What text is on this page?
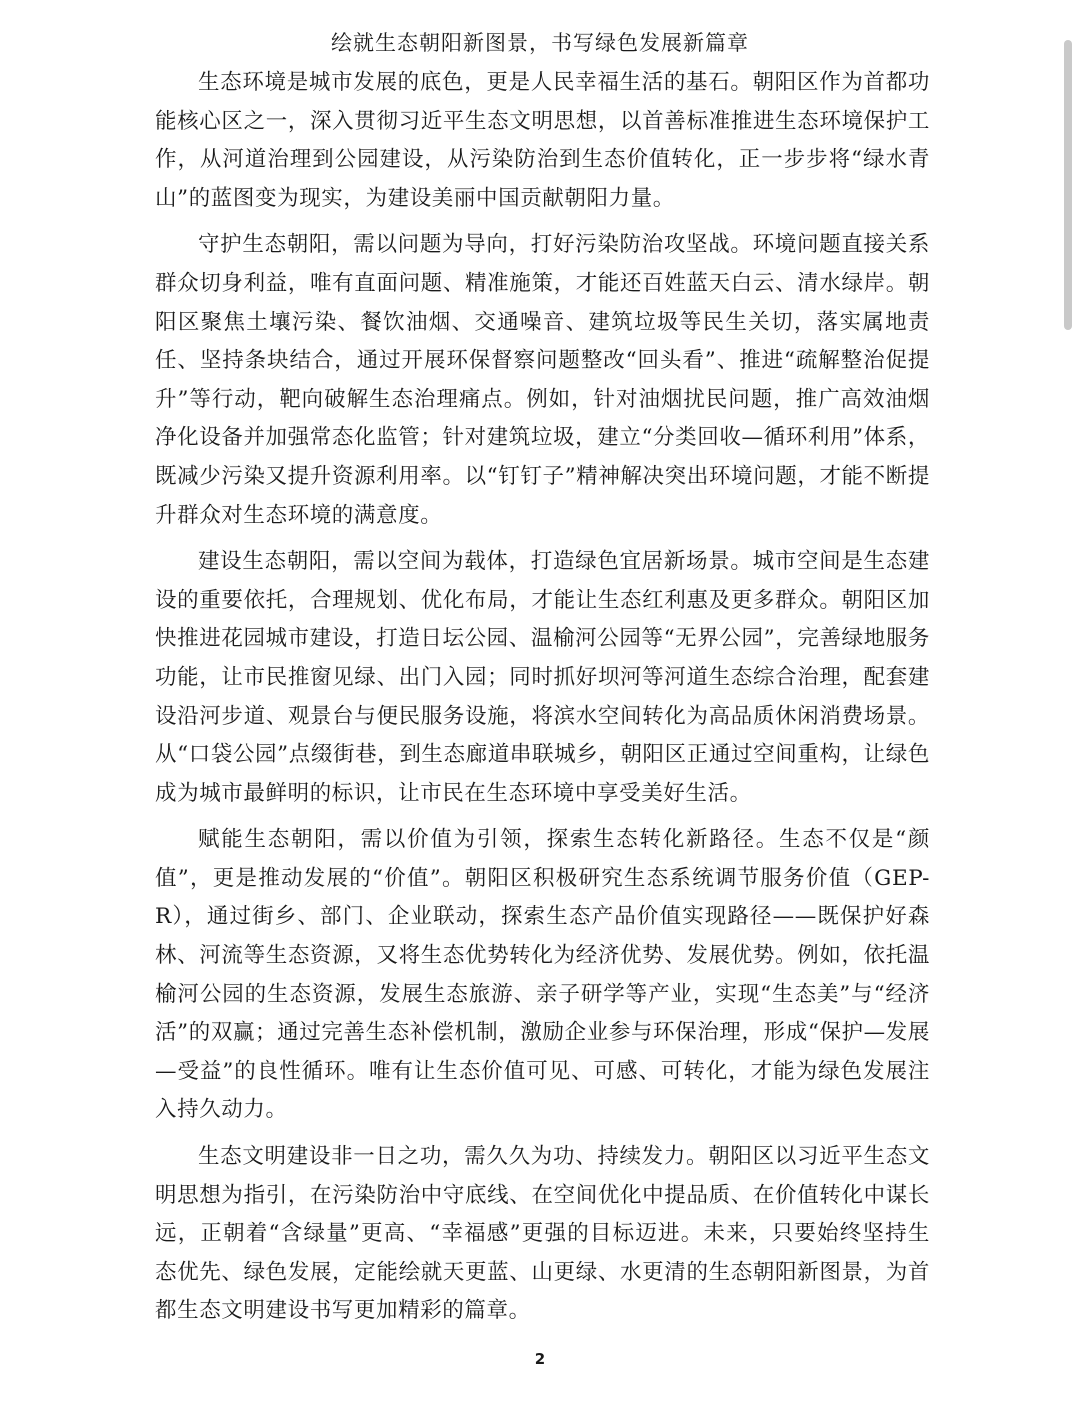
绘就生态朝阳新图景，书写绿色发展新篇章

生态环境是城市发展的底色，更是人民幸福生活的基石。朝阳区作为首都功能核心区之一，深入贯彻习近平生态文明思想，以首善标准推进生态环境保护工作，从河道治理到公园建设，从污染防治到生态价值转化，正一步步将“绿水青山”的蓝图变为现实，为建设美丽中国贡献朝阳力量。

守护生态朝阳，需以问题为导向，打好污染防治攻坚战。环境问题直接关系群众切身利益，唯有直面问题、精准施策，才能还百姓蓝天白云、清水绿岸。朝阳区聚焦土壤污染、餐饮油烟、交通噪音、建筑垃圾等民生关切，落实属地责任、坚持条块结合，通过开展环保督察问题整改“回头看”、推进“疏解整治促提升”等行动，靶向破解生态治理痛点。例如，针对油烟扰民问题，推广高效油烟净化设备并加强常态化监管；针对建筑垃圾，建立“分类回收—循环利用”体系，既减少污染又提升资源利用率。以“钉钉子”精神解决突出环境问题，才能不断提升群众对生态环境的满意度。

建设生态朝阳，需以空间为载体，打造绿色宜居新场景。城市空间是生态建设的重要依托，合理规划、优化布局，才能让生态红利惠及更多群众。朝阳区加快推进花园城市建设，打造日坛公园、温榆河公园等“无界公园”，完善绿地服务功能，让市民推窗见绿、出门入园；同时抓好坝河等河道生态综合治理，配套建设沿河步道、观景台与便民服务设施，将滨水空间转化为高品质休闲消费场景。从“口袋公园”点缀街巷，到生态廊道串联城乡，朝阳区正通过空间重构，让绿色成为城市最鲜明的标识，让市民在生态环境中享受美好生活。

赋能生态朝阳，需以价值为引领，探索生态转化新路径。生态不仅是“颜值”，更是推动发展的“价值”。朝阳区积极研究生态系统调节服务价值（GEP-R），通过街乡、部门、企业联动，探索生态产品价值实现路径——既保护好森林、河流等生态资源，又将生态优势转化为经济优势、发展优势。例如，依托温榆河公园的生态资源，发展生态旅游、亲子研学等产业，实现“生态美”与“经济活”的双赢；通过完善生态补偿机制，激励企业参与环保治理，形成“保护—发展—受益”的良性循环。唯有让生态价值可见、可感、可转化，才能为绿色发展注入持久动力。

生态文明建设非一日之功，需久久为功、持续发力。朝阳区以习近平生态文明思想为指引，在污染防治中守底线、在空间优化中提品质、在价值转化中谋长远，正朝着“含绿量”更高、“幸福感”更强的目标迈进。未来，只要始终坚持生态优先、绿色发展，定能绘就天更蓝、山更绿、水更清的生态朝阳新图景，为首都生态文明建设书写更加精彩的篇章。

2
